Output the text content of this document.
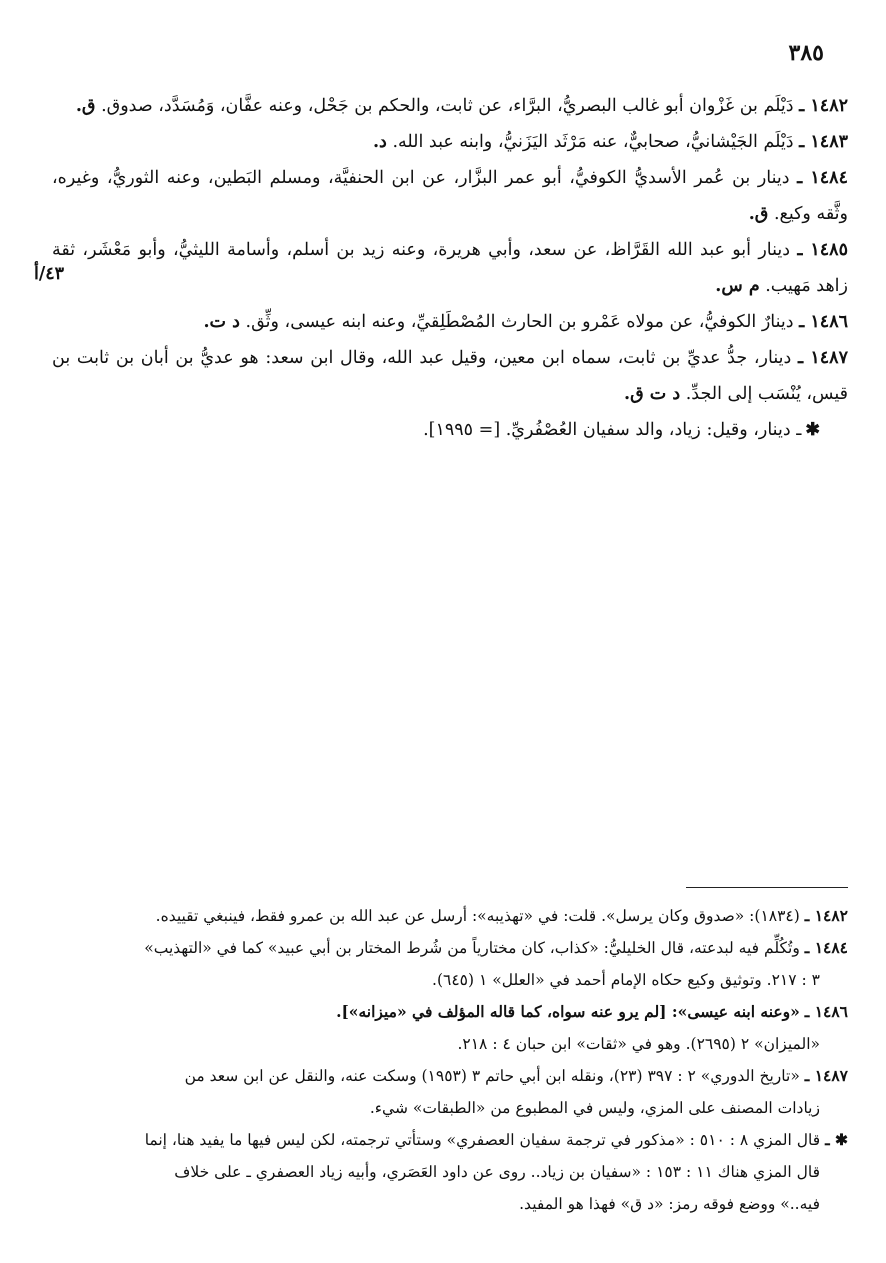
٣٨٥

١٤٨٢ ـ دَيْلَم بن غَزْوان أبو غالب البصريُّ، البرَّاء، عن ثابت، والحكم بن جَحْل، وعنه عفَّان، وَمُسَدَّد، صدوق. ق.

١٤٨٣ ـ دَيْلَم الجَيْشانيُّ، صحابيٌّ، عنه مَرْثَد اليَزَنيُّ، وابنه عبد الله. د.

١٤٨٤ ـ دينار بن عُمر الأسديُّ الكوفيُّ، أبو عمر البزَّار، عن ابن الحنفيَّة، ومسلم البَطين، وعنه الثوريُّ، وغيره، وثَّقه وكيع. ق.

١٤٨٥ ـ دينار أبو عبد الله القَرَّاظ، عن سعد، وأبي هريرة، وعنه زيد بن أسلم، وأسامة الليثيُّ، وأبو مَعْشَر، ثقة زاهد مَهيب. م س.

١٤٨٦ ـ دينارٌ الكوفيُّ، عن مولاه عَمْرو بن الحارث المُصْطَلِقيِّ، وعنه ابنه عيسى، وثِّق. د ت.

١٤٨٧ ـ دينار، جدُّ عديِّ بن ثابت، سماه ابن معين، وقيل عبد الله، وقال ابن سعد: هو عديُّ بن أبان بن ثابت بن قيس، يُنْسَب إلى الجدِّ. د ت ق.

✱ـ دينار، وقيل: زياد، والد سفيان العُصْفُريِّ. [= ١٩٩٥].

٤٣/أ

١٤٨٢ ـ (١٨٣٤): «صدوق وكان يرسل». قلت: في «تهذيبه»: أرسل عن عبد الله بن عمرو فقط، فينبغي تقييده.

١٤٨٤ ـ وتُكُلِّم فيه لبدعته، قال الخليليُّ: «كذاب، كان مختارياً من شُرط المختار بن أبي عبيد» كما في «التهذيب»

٣ : ٢١٧. وتوثيق وكيع حكاه الإمام أحمد في «العلل» ١ (٦٤٥).

١٤٨٦ ـ «وعنه ابنه عيسى»: [لم يرو عنه سواه، كما قاله المؤلف في «ميزانه»].

«الميزان» ٢ (٢٦٩٥). وهو في «ثقات» ابن حبان ٤ : ٢١٨.

١٤٨٧ ـ «تاريخ الدوري» ٢ : ٣٩٧ (٢٣)، ونقله ابن أبي حاتم ٣ (١٩٥٣) وسكت عنه، والنقل عن ابن سعد من

زيادات المصنف على المزي، وليس في المطبوع من «الطبقات» شيء.

✱ ـ قال المزي ٨ : ٥١٠ : «مذكور في ترجمة سفيان العصفري» وستأتي ترجمته، لكن ليس فيها ما يفيد هنا، إنما

قال المزي هناك ١١ : ١٥٣ : «سفيان بن زياد.. روى عن داود العَصَري، وأبيه زياد العصفري ـ على خلاف

فيه..» ووضع فوقه رمز: «د ق» فهذا هو المفيد.
